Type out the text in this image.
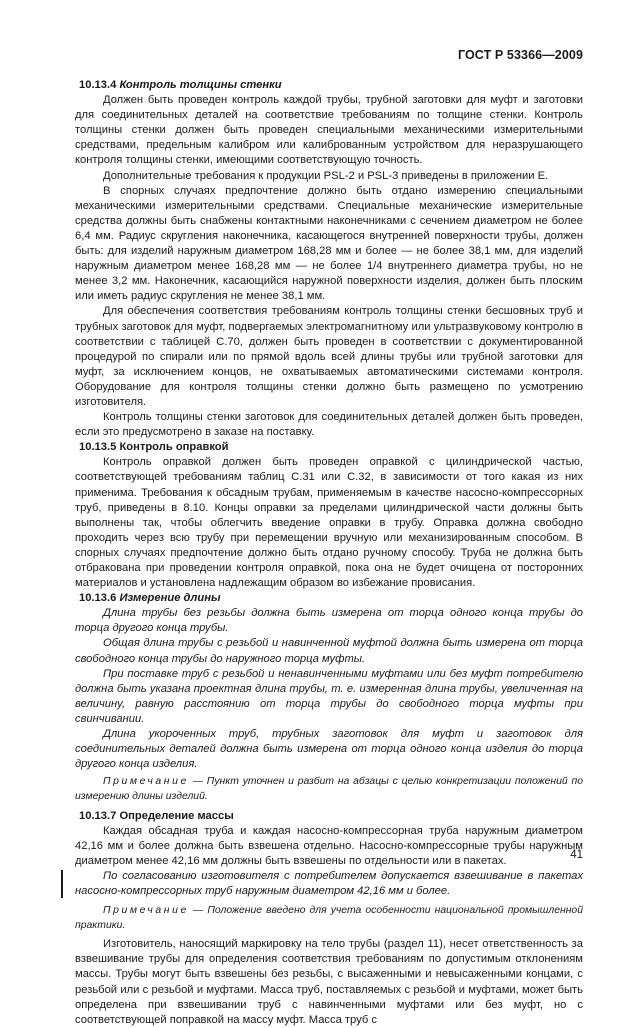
ГОСТ Р 53366—2009

10.13.4 Контроль толщины стенки

Должен быть проведен контроль каждой трубы, трубной заготовки для муфт и заготовки для соединительных деталей на соответствие требованиям по толщине стенки. Контроль толщины стенки должен быть проведен специальными механическими измерительными средствами, предельным калибром или калиброванным устройством для неразрушающего контроля толщины стенки, имеющими соответствующую точность.

Дополнительные требования к продукции PSL-2 и PSL-3 приведены в приложении Е.

В спорных случаях предпочтение должно быть отдано измерению специальными механическими измерительными средствами. Специальные механические измерительные средства должны быть снабжены контактными наконечниками с сечением диаметром не более 6,4 мм. Радиус скругления наконечника, касающегося внутренней поверхности трубы, должен быть: для изделий наружным диаметром 168,28 мм и более — не более 38,1 мм, для изделий наружным диаметром менее 168,28 мм — не более 1/4 внутреннего диаметра трубы, но не менее 3,2 мм. Наконечник, касающийся наружной поверхности изделия, должен быть плоским или иметь радиус скругления не менее 38,1 мм.

Для обеспечения соответствия требованиям контроль толщины стенки бесшовных труб и трубных заготовок для муфт, подвергаемых электромагнитному или ультразвуковому контролю в соответствии с таблицей С.70, должен быть проведен в соответствии с документированной процедурой по спирали или по прямой вдоль всей длины трубы или трубной заготовки для муфт, за исключением концов, не охватываемых автоматическими системами контроля. Оборудование для контроля толщины стенки должно быть размещено по усмотрению изготовителя.

Контроль толщины стенки заготовок для соединительных деталей должен быть проведен, если это предусмотрено в заказе на поставку.

10.13.5 Контроль оправкой

Контроль оправкой должен быть проведен оправкой с цилиндрической частью, соответствующей требованиям таблиц С.31 или С.32, в зависимости от того какая из них применима. Требования к обсадным трубам, применяемым в качестве насосно-компрессорных труб, приведены в 8.10. Концы оправки за пределами цилиндрической части должны быть выполнены так, чтобы облегчить введение оправки в трубу. Оправка должна свободно проходить через всю трубу при перемещении вручную или механизированным способом. В спорных случаях предпочтение должно быть отдано ручному способу. Труба не должна быть отбракована при проведении контроля оправкой, пока она не будет очищена от посторонних материалов и установлена надлежащим образом во избежание провисания.

10.13.6 Измерение длины

Длина трубы без резьбы должна быть измерена от торца одного конца трубы до торца другого конца трубы.

Общая длина трубы с резьбой и навинченной муфтой должна быть измерена от торца свободного конца трубы до наружного торца муфты.

При поставке труб с резьбой и ненавинченными муфтами или без муфт потребителю должна быть указана проектная длина трубы, т. е. измеренная длина трубы, увеличенная на величину, равную расстоянию от торца трубы до свободного торца муфты при свинчивании.

Длина укороченных труб, трубных заготовок для муфт и заготовок для соединительных деталей должна быть измерена от торца одного конца изделия до торца другого конца изделия.

Примечание — Пункт уточнен и разбит на абзацы с целью конкретизации положений по измерению длины изделий.

10.13.7 Определение массы

Каждая обсадная труба и каждая насосно-компрессорная труба наружным диаметром 42,16 мм и более должна быть взвешена отдельно. Насосно-компрессорные трубы наружным диаметром менее 42,16 мм должны быть взвешены по отдельности или в пакетах.

По согласованию изготовителя с потребителем допускается взвешивание в пакетах насосно-компрессорных труб наружным диаметром 42,16 мм и более.

Примечание — Положение введено для учета особенности национальной промышленной практики.

Изготовитель, наносящий маркировку на тело трубы (раздел 11), несет ответственность за взвешивание трубы для определения соответствия требованиям по допустимым отклонениям массы. Трубы могут быть взвешены без резьбы, с высаженными и невысаженными концами, с резьбой или с резьбой и муфтами. Масса труб, поставляемых с резьбой и муфтами, может быть определена при взвешивании труб с навинченными муфтами или без муфт, но с соответствующей поправкой на массу муфт. Масса труб с

41
